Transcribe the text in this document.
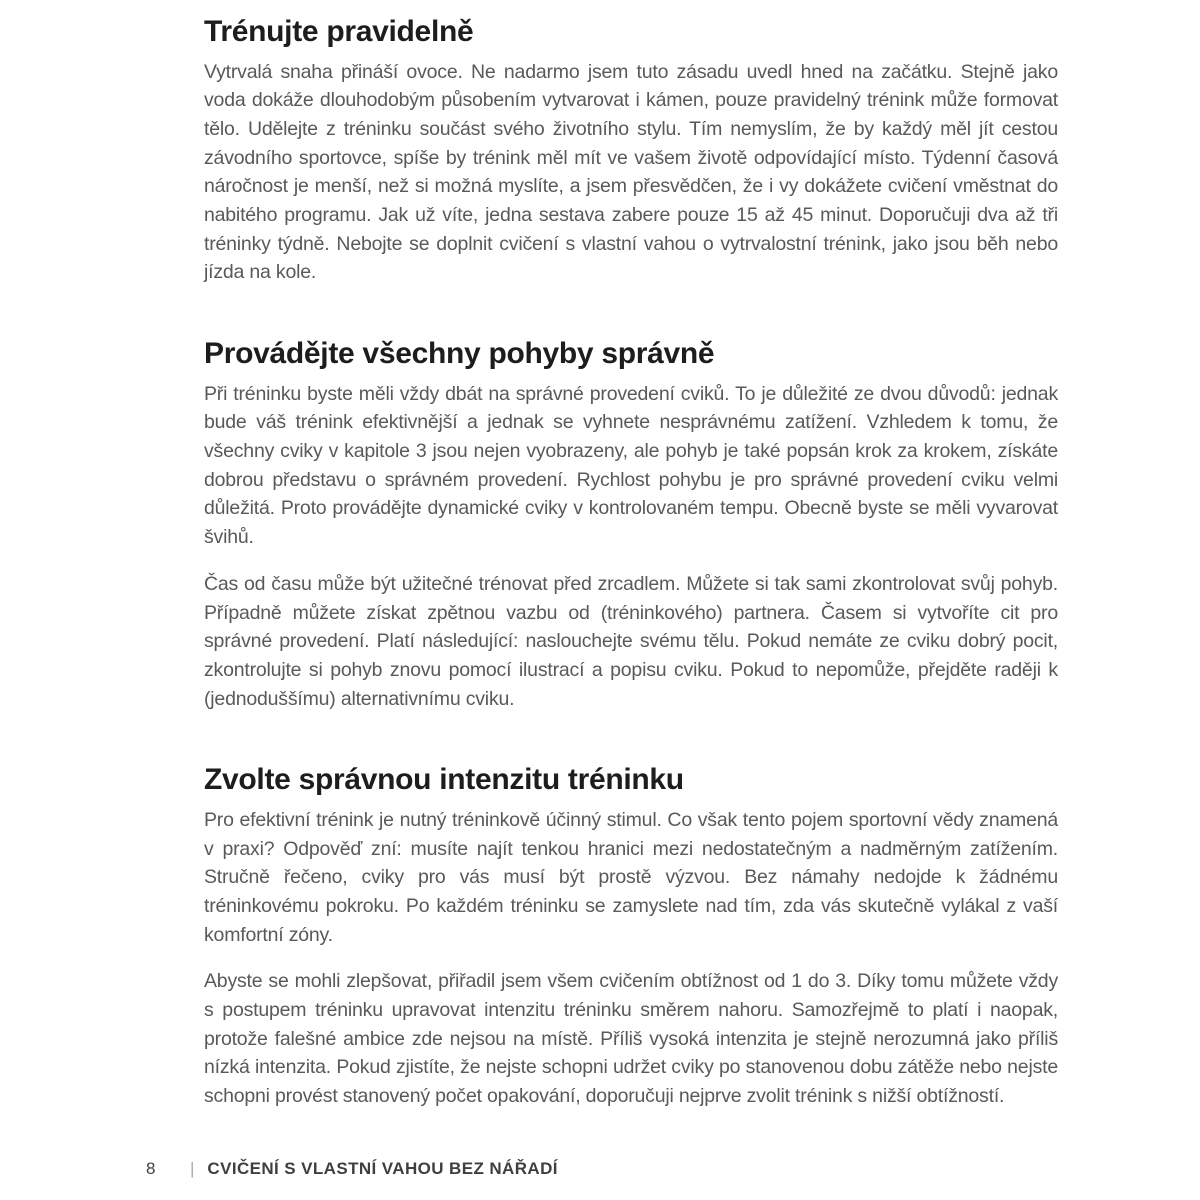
Trénujte pravidelně

Vytrvalá snaha přináší ovoce. Ne nadarmo jsem tuto zásadu uvedl hned na začátku. Stejně jako voda dokáže dlouhodobým působením vytvarovat i kámen, pouze pravidelný trénink může formovat tělo. Udělejte z tréninku součást svého životního stylu. Tím nemyslím, že by každý měl jít cestou závodního sportovce, spíše by trénink měl mít ve vašem životě odpovídající místo. Týdenní časová náročnost je menší, než si možná myslíte, a jsem přesvědčen, že i vy dokážete cvičení vměstnat do nabitého programu. Jak už víte, jedna sestava zabere pouze 15 až 45 minut. Doporučuji dva až tři tréninky týdně. Nebojte se doplnit cvičení s vlastní vahou o vytrvalostní trénink, jako jsou běh nebo jízda na kole.

Provádějte všechny pohyby správně

Při tréninku byste měli vždy dbát na správné provedení cviků. To je důležité ze dvou důvodů: jednak bude váš trénink efektivnější a jednak se vyhnete nesprávnému zatížení. Vzhledem k tomu, že všechny cviky v kapitole 3 jsou nejen vyobrazeny, ale pohyb je také popsán krok za krokem, získáte dobrou představu o správném provedení. Rychlost pohybu je pro správné provedení cviku velmi důležitá. Proto provádějte dynamické cviky v kontrolovaném tempu. Obecně byste se měli vyvarovat švihů.

Čas od času může být užitečné trénovat před zrcadlem. Můžete si tak sami zkontrolovat svůj pohyb. Případně můžete získat zpětnou vazbu od (tréninkového) partnera. Časem si vytvoříte cit pro správné provedení. Platí následující: naslouchejte svému tělu. Pokud nemáte ze cviku dobrý pocit, zkontrolujte si pohyb znovu pomocí ilustrací a popisu cviku. Pokud to nepomůže, přejděte raději k (jednoduššímu) alternativnímu cviku.

Zvolte správnou intenzitu tréninku

Pro efektivní trénink je nutný tréninkově účinný stimul. Co však tento pojem sportovní vědy znamená v praxi? Odpověď zní: musíte najít tenkou hranici mezi nedostatečným a nadměrným zatížením. Stručně řečeno, cviky pro vás musí být prostě výzvou. Bez námahy nedojde k žádnému tréninkovému pokroku. Po každém tréninku se zamyslete nad tím, zda vás skutečně vylákal z vaší komfortní zóny.

Abyste se mohli zlepšovat, přiřadil jsem všem cvičením obtížnost od 1 do 3. Díky tomu můžete vždy s postupem tréninku upravovat intenzitu tréninku směrem nahoru. Samozřejmě to platí i naopak, protože falešné ambice zde nejsou na místě. Příliš vysoká intenzita je stejně nerozumná jako příliš nízká intenzita. Pokud zjistíte, že nejste schopni udržet cviky po stanovenou dobu zátěže nebo nejste schopni provést stanovený počet opakování, doporučuji nejprve zvolit trénink s nižší obtížností.

8	| CVIČENÍ S VLASTNÍ VAHOU BEZ NÁŘADÍ
